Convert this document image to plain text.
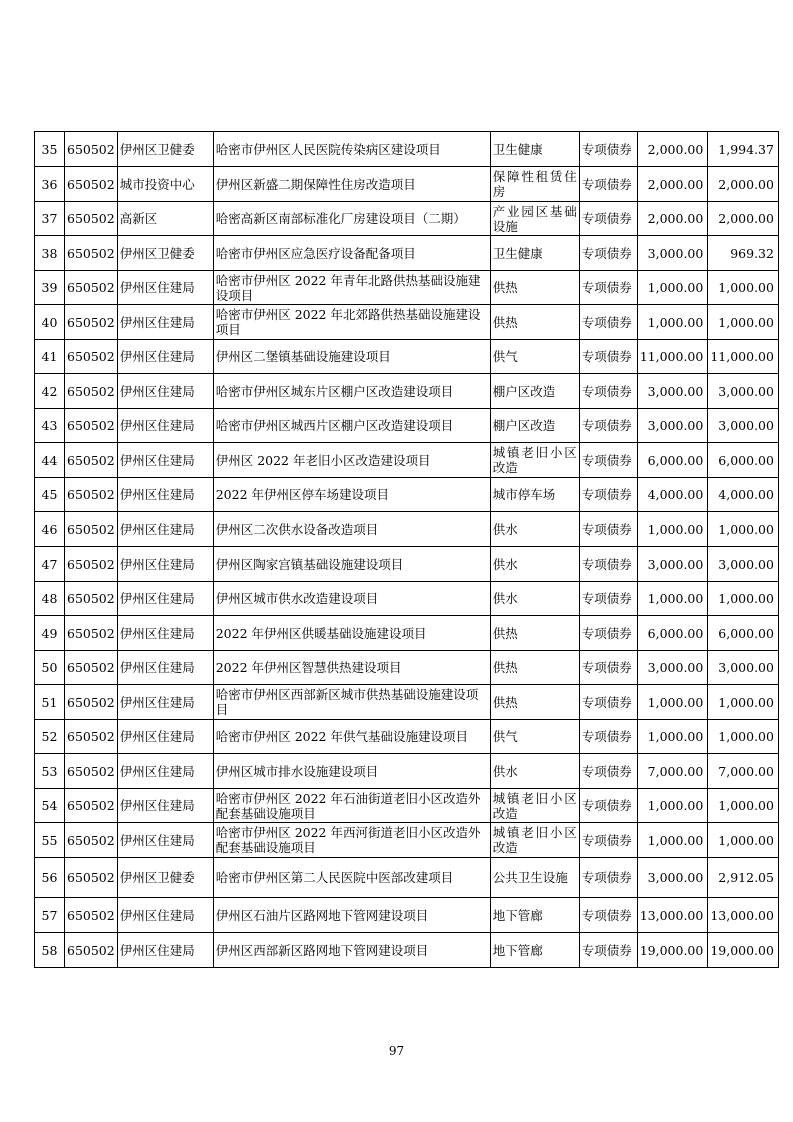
35	650502	伊州区卫健委	哈密市伊州区人民医院传染病区建设项目	卫生健康	专项债券	2,000.00	1,994.37
36	650502	城市投资中心	伊州区新盛二期保障性住房改造项目	保障性租赁住房	专项债券	2,000.00	2,000.00
37	650502	高新区	哈密高新区南部标准化厂房建设项目（二期）	产业园区基础设施	专项债券	2,000.00	2,000.00
38	650502	伊州区卫健委	哈密市伊州区应急医疗设备配备项目	卫生健康	专项债券	3,000.00	969.32
39	650502	伊州区住建局	哈密市伊州区 2022 年青年北路供热基础设施建设项目	供热	专项债券	1,000.00	1,000.00
40	650502	伊州区住建局	哈密市伊州区 2022 年北郊路供热基础设施建设项目	供热	专项债券	1,000.00	1,000.00
41	650502	伊州区住建局	伊州区二堡镇基础设施建设项目	供气	专项债券	11,000.00	11,000.00
42	650502	伊州区住建局	哈密市伊州区城东片区棚户区改造建设项目	棚户区改造	专项债券	3,000.00	3,000.00
43	650502	伊州区住建局	哈密市伊州区城西片区棚户区改造建设项目	棚户区改造	专项债券	3,000.00	3,000.00
44	650502	伊州区住建局	伊州区 2022 年老旧小区改造建设项目	城镇老旧小区改造	专项债券	6,000.00	6,000.00
45	650502	伊州区住建局	2022 年伊州区停车场建设项目	城市停车场	专项债券	4,000.00	4,000.00
46	650502	伊州区住建局	伊州区二次供水设备改造项目	供水	专项债券	1,000.00	1,000.00
47	650502	伊州区住建局	伊州区陶家宫镇基础设施建设项目	供水	专项债券	3,000.00	3,000.00
48	650502	伊州区住建局	伊州区城市供水改造建设项目	供水	专项债券	1,000.00	1,000.00
49	650502	伊州区住建局	2022 年伊州区供暖基础设施建设项目	供热	专项债券	6,000.00	6,000.00
50	650502	伊州区住建局	2022 年伊州区智慧供热建设项目	供热	专项债券	3,000.00	3,000.00
51	650502	伊州区住建局	哈密市伊州区西部新区城市供热基础设施建设项目	供热	专项债券	1,000.00	1,000.00
52	650502	伊州区住建局	哈密市伊州区 2022 年供气基础设施建设项目	供气	专项债券	1,000.00	1,000.00
53	650502	伊州区住建局	伊州区城市排水设施建设项目	供水	专项债券	7,000.00	7,000.00
54	650502	伊州区住建局	哈密市伊州区 2022 年石油街道老旧小区改造外配套基础设施项目	城镇老旧小区改造	专项债券	1,000.00	1,000.00
55	650502	伊州区住建局	哈密市伊州区 2022 年西河街道老旧小区改造外配套基础设施项目	城镇老旧小区改造	专项债券	1,000.00	1,000.00
56	650502	伊州区卫健委	哈密市伊州区第二人民医院中医部改建项目	公共卫生设施	专项债券	3,000.00	2,912.05
57	650502	伊州区住建局	伊州区石油片区路网地下管网建设项目	地下管廊	专项债券	13,000.00	13,000.00
58	650502	伊州区住建局	伊州区西部新区路网地下管网建设项目	地下管廊	专项债券	19,000.00	19,000.00
97
